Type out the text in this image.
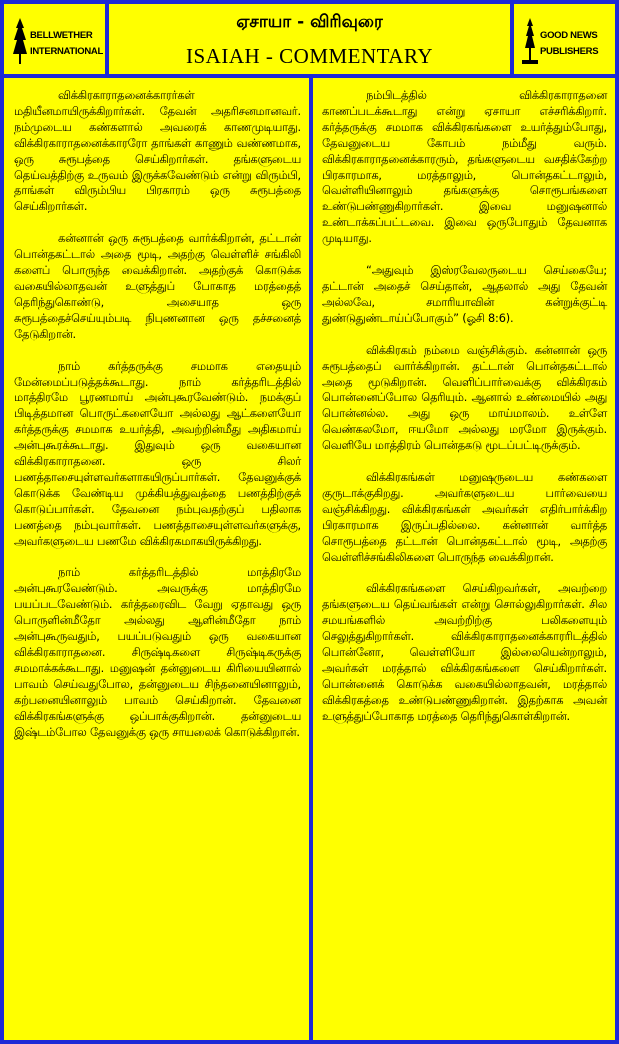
BELLWETHER
INTERNATIONAL
ஏசாயா - விரிவுரை
ISAIAH - COMMENTARY
GOOD NEWS
PUBLISHERS

விக்கிரகாராதனைக்காரர்கள் மதியீனமாயிருக்கிறார்கள். தேவன் அதரிசனமானவர். நம்முடைய கண்களால் அவரைக் காணமுடியாது. விக்கிரகாராதனைக்காரரோ தாங்கள் காணும் வண்ணமாக, ஒரு சுரூபத்தை செய்கிறார்கள். தங்களுடைய தெய்வத்திற்கு உருவம் இருக்கவேண்டும் என்று விரும்பி, தாங்கள் விரும்பிய பிரகாரம் ஒரு சுரூபத்தை செய்கிறார்கள்.

கன்னான் ஒரு சுரூபத்தை வார்க்கிறான், தட்டான் பொன்தகட்டால் அதை மூடி, அதற்கு வெள்ளிச் சங்கிலி களைப் பொருந்த வைக்கிறான். அதற்குக் கொடுக்க வகையில்லாதவன் உளுத்துப் போகாத மரத்தைத் தெரிந்துகொண்டு, அசையாத ஒரு சுரூபத்தைச்செய்யும்படி நிபுணனான ஒரு தச்சனைத் தேடுகிறான்.

நாம் கர்த்தருக்கு சமமாக எதையும் மேன்மைப்படுத்தக்கூடாது. நாம் கர்த்தரிடத்தில் மாத்திரமே பூரணமாய் அன்புகூரவேண்டும். நமக்குப் பிடித்தமான பொருட்களையோ அல்லது ஆட்களையோ கர்த்தருக்கு சமமாக உயர்த்தி, அவற்றின்மீது அதிகமாய் அன்புகூரக்கூடாது. இதுவும் ஒரு வகையான விக்கிரகாராதனை. ஒரு சிலர் பணத்தாசையுள்ளவர்களாகயிருப்பார்கள். தேவனுக்குக் கொடுக்க வேண்டிய முக்கியத்துவத்தை பணத்திற்குக் கொடுப்பார்கள். தேவனை நம்புவதற்குப் பதிலாக பணத்தை நம்புவார்கள். பணத்தாசையுள்ளவர்களுக்கு, அவர்களுடைய பணமே விக்கிரகமாகயிருக்கிறது.

நாம் கர்த்தரிடத்தில் மாத்திரமே அன்புகூரவேண்டும். அவருக்கு மாத்திரமே பயப்படவேண்டும். கர்த்தரைவிட வேறு ஏதாவது ஒரு பொருளின்மீதோ அல்லது ஆளின்மீதோ நாம் அன்புகூருவதும், பயப்படுவதும் ஒரு வகையான விக்கிரகாராதனை. சிருஷ்டிகளை சிருஷ்டிகருக்கு சமமாக்கக்கூடாது. மனுஷன் தன்னுடைய கிரியையினால் பாவம் செய்வதுபோல, தன்னுடைய சிந்தனையினாலும், கற்பனையினாலும் பாவம் செய்கிறான். தேவனை விக்கிரகங்களுக்கு ஒப்பாக்குகிறான். தன்னுடைய இஷ்டம்போல தேவனுக்கு ஒரு சாயலைக் கொடுக்கிறான்.

நம்பிடத்தில் விக்கிரகாராதனை காணப்படக்கூடாது என்று ஏசாயா எச்சரிக்கிறார். கர்த்தருக்கு சமமாக விக்கிரகங்களை உயர்த்தும்போது, தேவனுடைய கோபம் நம்மீது வரும். விக்கிரகாராதனைக்காரரும், தங்களுடைய வசதிக்கேற்ற பிரகாரமாக, மரத்தாலும், பொன்தகட்டாலும், வெள்ளியினாலும் தங்களுக்கு சொரூபங்களை உண்டுபண்ணுகிறார்கள். இவை மனுஷனால் உண்டாக்கப்பட்டவை. இவை ஒருபோதும் தேவனாக முடியாது.

“அதுவும் இஸ்ரவேலருடைய செய்கையே; தட்டான் அதைச் செய்தான், ஆதலால் அது தேவன் அல்லவே, சமாரியாவின் கன்றுக்குட்டி துண்டுதுண்டாய்ப்போகும்” (ஓசி 8:6).

விக்கிரகம் நம்மை வஞ்சிக்கும். கன்னான் ஒரு சுரூபத்தைப் வார்க்கிறான். தட்டான் பொன்தகட்டால் அதை மூடுகிறான். வெளிப்பார்வைக்கு விக்கிரகம் பொன்னைப்போல தெரியும். ஆனால் உண்மையில் அது பொன்னல்ல. அது ஒரு மாய்மாலம். உள்ளே வெண்கலமோ, ஈயமோ அல்லது மரமோ இருக்கும். வெளியே மாத்திரம் பொன்தகடு மூடப்பட்டிருக்கும்.

விக்கிரகங்கள் மனுஷருடைய கண்களை குருடாக்குகிறது. அவர்களுடைய பார்வையை வஞ்சிக்கிறது. விக்கிரகங்கள் அவர்கள் எதிர்பார்க்கிற பிரகாரமாக இருப்பதில்லை. கன்னான் வார்த்த சொரூபத்தை தட்டான் பொன்தகட்டால் மூடி, அதற்கு வெள்ளிச்சங்கிலிகளை பொருந்த வைக்கிறான்.

விக்கிரகங்களை செய்கிறவர்கள், அவற்றை தங்களுடைய தெய்வங்கள் என்று சொல்லுகிறார்கள். சில சமயங்களில் அவற்றிற்கு பலிகளையும் செலுத்துகிறார்கள். விக்கிரகாராதனைக்காரரிடத்தில் பொன்னோ, வெள்ளியோ இல்லையென்றாலும், அவர்கள் மரத்தால் விக்கிரகங்களை செய்கிறார்கள். பொன்னைக் கொடுக்க வகையில்லாதவன், மரத்தால் விக்கிரகத்தை உண்டுபண்ணுகிறான். இதற்காக அவன் உளுத்துப்போகாத மரத்தை தெரிந்துகொள்கிறான்.
